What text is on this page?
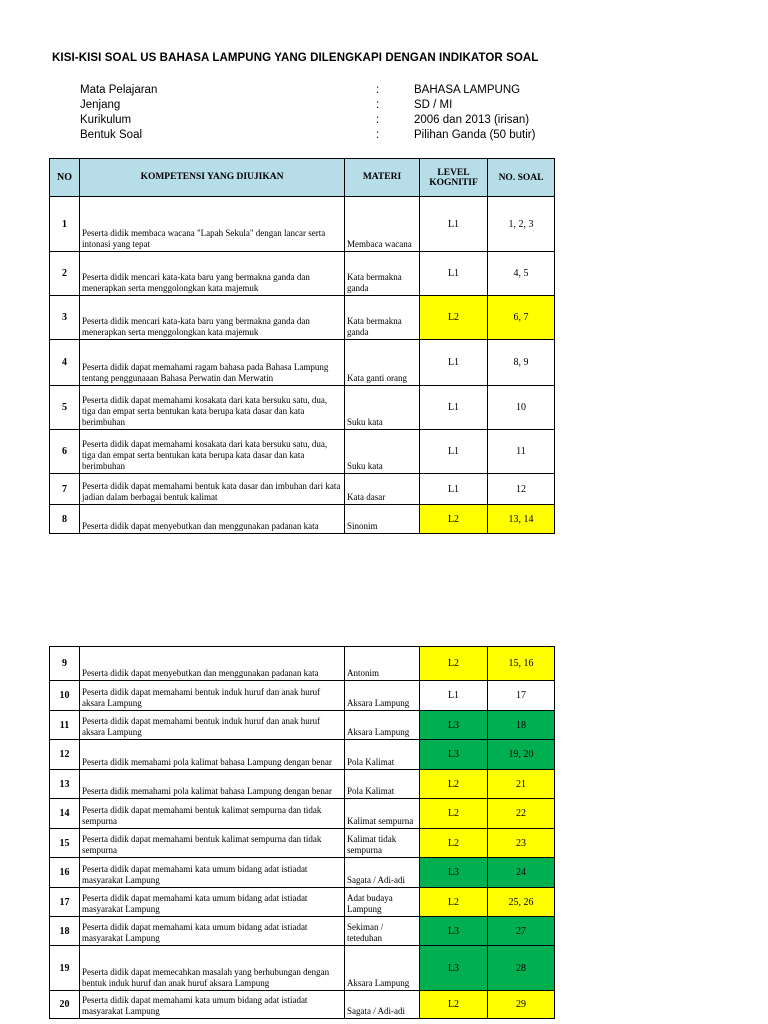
KISI-KISI SOAL US BAHASA LAMPUNG YANG DILENGKAPI DENGAN INDIKATOR SOAL
Mata Pelajaran	:	BAHASA LAMPUNG
Jenjang	:	SD / MI
Kurikulum	:	2006 dan 2013 (irisan)
Bentuk Soal	:	Pilihan Ganda (50 butir)
NO	KOMPETENSI YANG DIUJIKAN	MATERI	LEVEL KOGNITIF	NO. SOAL
1	Peserta didik membaca wacana "Lapah Sekula" dengan lancar serta intonasi yang tepat	Membaca wacana	L1	1, 2, 3
2	Peserta didik mencari kata-kata baru yang bermakna ganda dan menerapkan serta menggolongkan kata majemuk	Kata bermakna ganda	L1	4, 5
3	Peserta didik mencari kata-kata baru yang bermakna ganda dan menerapkan serta menggolongkan kata majemuk	Kata bermakna ganda	L2	6, 7
4	Peserta didik dapat memahami ragam bahasa pada Bahasa Lampung tentang penggunaaan Bahasa Perwatin dan Merwatin	Kata ganti orang	L1	8, 9
5	Peserta didik dapat memahami kosakata dari kata bersuku satu, dua, tiga dan empat serta bentukan kata berupa kata dasar dan kata berimbuhan	Suku kata	L1	10
6	Peserta didik dapat memahami kosakata dari kata bersuku satu, dua, tiga dan empat serta bentukan kata berupa kata dasar dan kata berimbuhan	Suku kata	L1	11
7	Peserta didik dapat memahami bentuk kata dasar dan imbuhan dari kata jadian dalam berbagai bentuk kalimat	Kata dasar	L1	12
8	Peserta didik dapat menyebutkan dan menggunakan padanan kata	Sinonim	L2	13, 14
9	Peserta didik dapat menyebutkan dan menggunakan padanan kata	Antonim	L2	15, 16
10	Peserta didik dapat memahami bentuk induk huruf dan anak huruf aksara Lampung	Aksara Lampung	L1	17
11	Peserta didik dapat memahami bentuk induk huruf dan anak huruf aksara Lampung	Aksara Lampung	L3	18
12	Peserta didik memahami pola kalimat bahasa Lampung dengan benar	Pola Kalimat	L3	19, 20
13	Peserta didik memahami pola kalimat bahasa Lampung dengan benar	Pola Kalimat	L2	21
14	Peserta didik dapat memahami bentuk kalimat sempurna dan tidak sempurna	Kalimat sempurna	L2	22
15	Peserta didik dapat memahami bentuk kalimat sempurna dan tidak sempurna	Kalimat tidak sempurna	L2	23
16	Peserta didik dapat memahami kata umum bidang adat istiadat masyarakat Lampung	Sagata / Adi-adi	L3	24
17	Peserta didik dapat memahami kata umum bidang adat istiadat masyarakat Lampung	Adat budaya Lampung	L2	25, 26
18	Peserta didik dapat memahami kata umum bidang adat istiadat masyarakat Lampung	Sekiman / teteduhan	L3	27
19	Peserta didik dapat memecahkan masalah yang berhubungan dengan bentuk induk huruf dan anak huruf aksara Lampung	Aksara Lampung	L3	28
20	Peserta didik dapat memahami kata umum bidang adat istiadat masyarakat Lampung	Sagata / Adi-adi	L2	29
